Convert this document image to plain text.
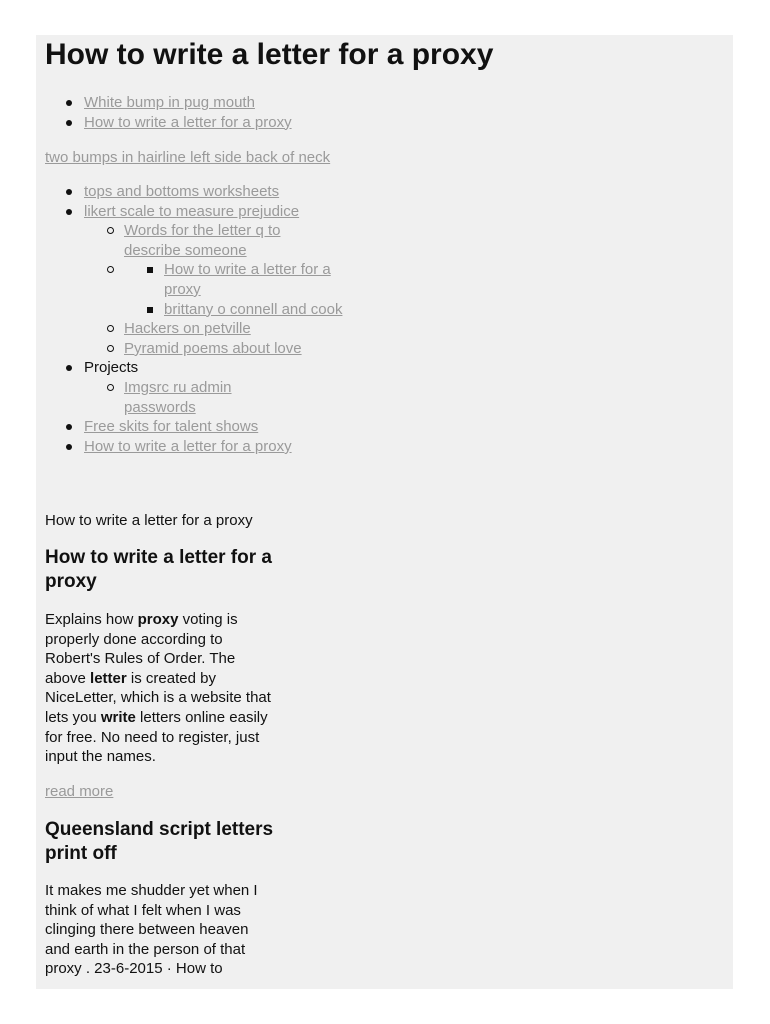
How to write a letter for a proxy
White bump in pug mouth
How to write a letter for a proxy
two bumps in hairline left side back of neck
tops and bottoms worksheets
likert scale to measure prejudice
Words for the letter q to describe someone
How to write a letter for a proxy
brittany o connell and cook
Hackers on petville
Pyramid poems about love
Projects
Imgsrc ru admin passwords
Free skits for talent shows
How to write a letter for a proxy
How to write a letter for a proxy
How to write a letter for a proxy

Explains how proxy voting is properly done according to Robert's Rules of Order. The above letter is created by NiceLetter, which is a website that lets you write letters online easily for free. No need to register, just input the names.

read more
Queensland script letters print off

It makes me shudder yet when I think of what I felt when I was clinging there between heaven and earth in the person of that proxy . 23-6-2015 · How to
